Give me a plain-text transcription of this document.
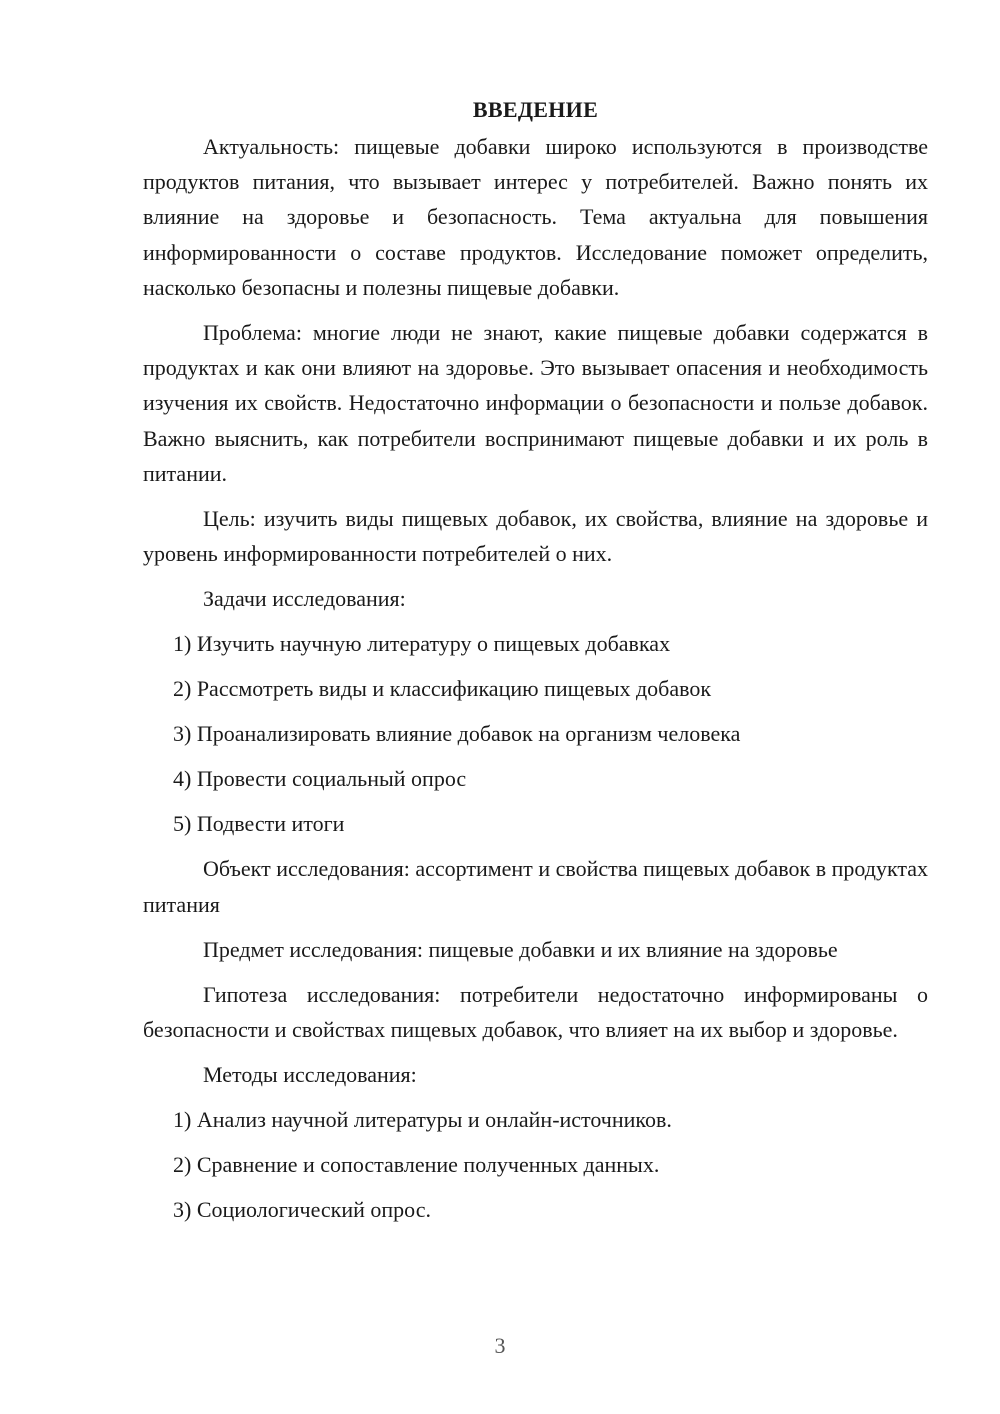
ВВЕДЕНИЕ

Актуальность: пищевые добавки широко используются в производстве продуктов питания, что вызывает интерес у потребителей. Важно понять их влияние на здоровье и безопасность. Тема актуальна для повышения информированности о составе продуктов. Исследование поможет определить, насколько безопасны и полезны пищевые добавки.

Проблема: многие люди не знают, какие пищевые добавки содержатся в продуктах и как они влияют на здоровье. Это вызывает опасения и необходимость изучения их свойств. Недостаточно информации о безопасности и пользе добавок. Важно выяснить, как потребители воспринимают пищевые добавки и их роль в питании.

Цель: изучить виды пищевых добавок, их свойства, влияние на здоровье и уровень информированности потребителей о них.

Задачи исследования:
1) Изучить научную литературу о пищевых добавках
2) Рассмотреть виды и классификацию пищевых добавок
3) Проанализировать влияние добавок на организм человека
4) Провести социальный опрос
5) Подвести итоги

Объект исследования: ассортимент и свойства пищевых добавок в продуктах питания

Предмет исследования: пищевые добавки и их влияние на здоровье

Гипотеза исследования: потребители недостаточно информированы о безопасности и свойствах пищевых добавок, что влияет на их выбор и здоровье.

Методы исследования:
1) Анализ научной литературы и онлайн-источников.
2) Сравнение и сопоставление полученных данных.
3) Социологический опрос.
3
